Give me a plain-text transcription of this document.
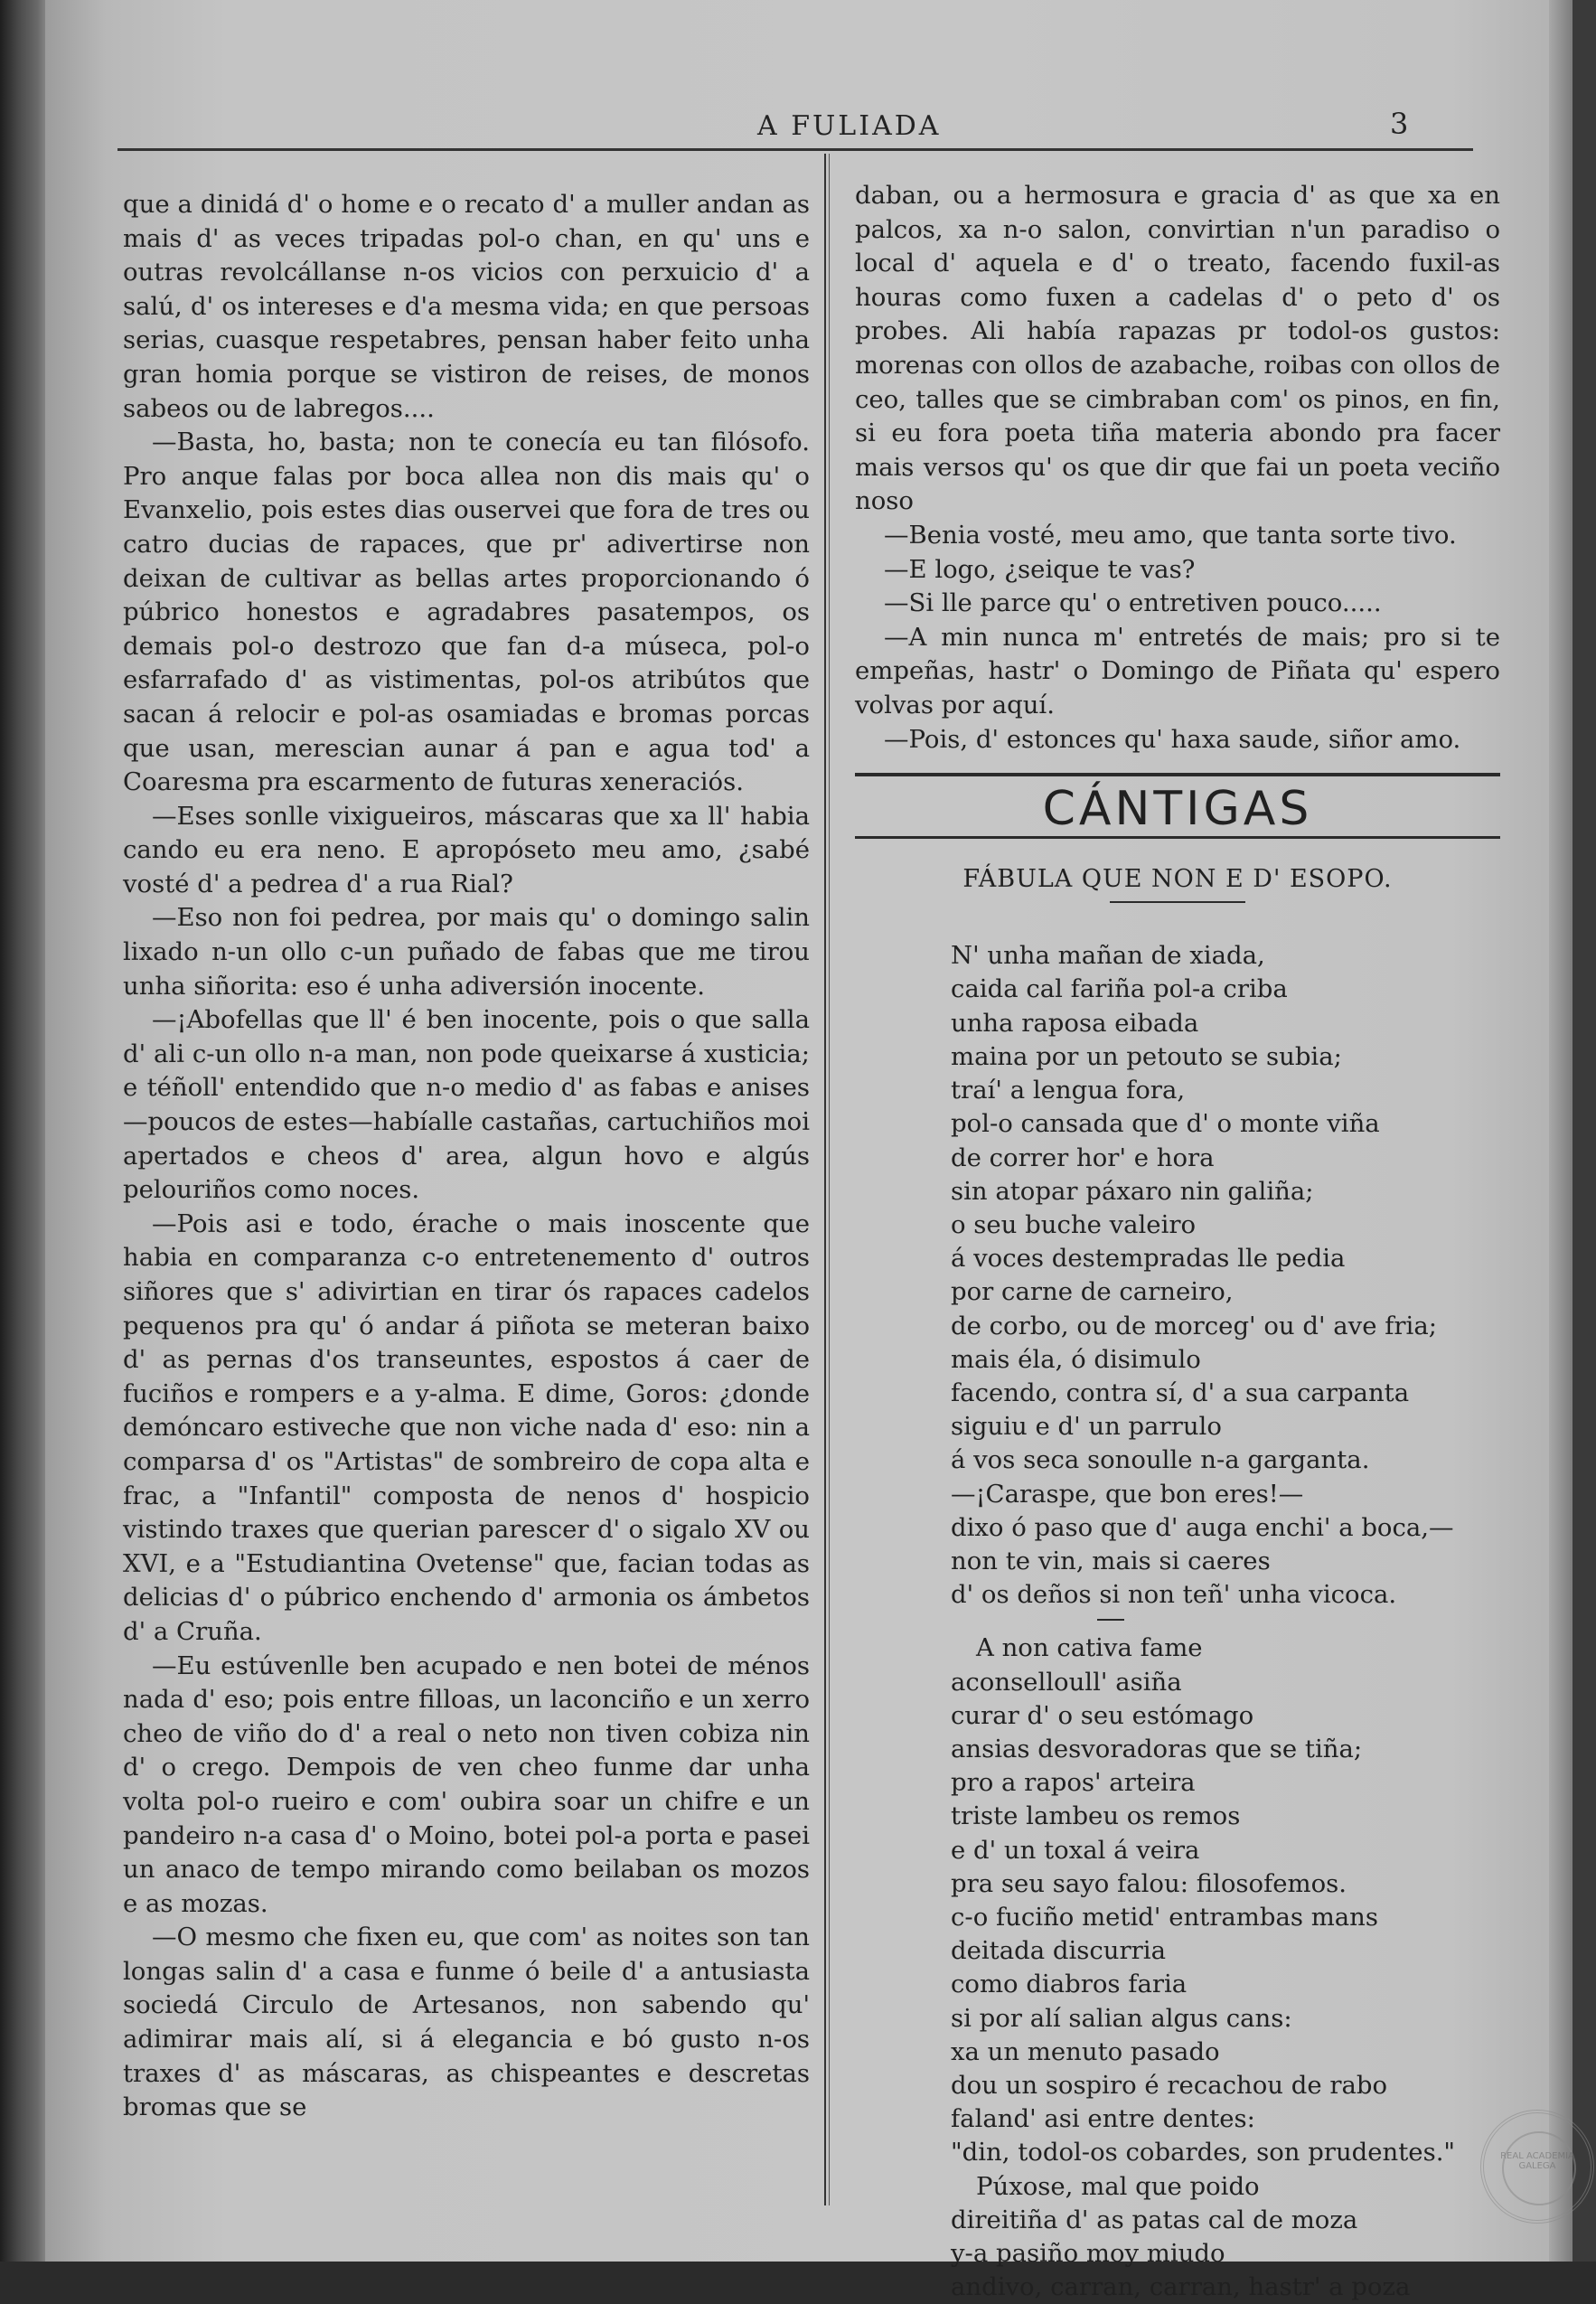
A FULIADA	3

que a dinidá d' o home e o recato d' a muller andan as mais d' as veces tripadas pol-o chan, en qu' uns e outras revolcállanse n-os vicios con perxuicio d' a salú, d' os intereses e d'a mesma vida; en que persoas serias, cuasque respetabres, pensan haber feito unha gran homia porque se vistiron de reises, de monos sabeos ou de labregos....

—Basta, ho, basta; non te conecía eu tan filósofo. Pro anque falas por boca allea non dis mais qu' o Evanxelio, pois estes dias ouservei que fora de tres ou catro ducias de rapaces, que pr' adivertirse non deixan de cultivar as bellas artes proporcionando ó púbrico honestos e agradabres pasatempos, os demais pol-o destrozo que fan d-a múseca, pol-o esfarrafado d' as vistimentas, pol-os atribútos que sacan á relocir e pol-as osamiadas e bromas porcas que usan, merescian aunar á pan e agua tod' a Coaresma pra escarmento de futuras xeneraciós.

—Eses sonlle vixigueiros, máscaras que xa ll' habia cando eu era neno. E apropóseto meu amo, ¿sabé vosté d' a pedrea d' a rua Rial?

—Eso non foi pedrea, por mais qu' o domingo salin lixado n-un ollo c-un puñado de fabas que me tirou unha siñorita: eso é unha adiversión inocente.

—¡Abofellas que ll' é ben inocente, pois o que salla d' ali c-un ollo n-a man, non pode queixarse á xusticia; e téñoll' entendido que n-o medio d' as fabas e anises—poucos de estes—habíalle castañas, cartuchiños moi apertados e cheos d' area, algun hovo e algús pelouriños como noces.

—Pois asi e todo, érache o mais inoscente que habia en comparanza c-o entretenemento d' outros siñores que s' adivirtian en tirar ós rapaces cadelos pequenos pra qu' ó andar á piñota se meteran baixo d' as pernas d'os transeuntes, espostos á caer de fuciños e rompers e a y-alma. E dime, Goros: ¿donde demóncaro estiveche que non viche nada d' eso: nin a comparsa d' os "Artistas" de sombreiro de copa alta e frac, a "Infantil" composta de nenos d' hospicio vistindo traxes que querian parescer d' o sigalo XV ou XVI, e a "Estudiantina Ovetense" que, facian todas as delicias d' o púbrico enchendo d' armonia os ámbetos d' a Cruña.

—Eu estúvenlle ben acupado e nen botei de ménos nada d' eso; pois entre filloas, un laconciño e un xerro cheo de viño do d' a real o neto non tiven cobiza nin d' o crego. Dempois de ven cheo funme dar unha volta pol-o rueiro e com' oubira soar un chifre e un pandeiro n-a casa d' o Moino, botei pol-a porta e pasei un anaco de tempo mirando como beilaban os mozos e as mozas.

—O mesmo che fixen eu, que com' as noites son tan longas salin d' a casa e funme ó beile d' a antusiasta sociedá Circulo de Artesanos, non sabendo qu' adimirar mais alí, si á elegancia e bó gusto n-os traxes d' as máscaras, as chispeantes e descretas bromas que se

daban, ou a hermosura e gracia d' as que xa en palcos, xa n-o salon, convirtian n'un paradiso o local d' aquela e d' o treato, facendo fuxil-as houras como fuxen a cadelas d' o peto d' os probes. Ali había rapazas pr todol-os gustos: morenas con ollos de azabache, roibas con ollos de ceo, talles que se cimbraban com' os pinos, en fin, si eu fora poeta tiña materia abondo pra facer mais versos qu' os que dir que fai un poeta veciño noso

—Benia vosté, meu amo, que tanta sorte tivo.

—E logo, ¿seique te vas?

—Si lle parce qu' o entretiven pouco.....

—A min nunca m' entretés de mais; pro si te empeñas, hastr' o Domingo de Piñata qu' espero volvas por aquí.

—Pois, d' estonces qu' haxa saude, siñor amo.

CÁNTIGAS
FÁBULA QUE NON E D' ESOPO.
N' unha mañan de xiada,
caida cal fariña pol-a criba
unha raposa eibada
maina por un petouto se subia;
traí' a lengua fora,
pol-o cansada que d' o monte viña
de correr hor' e hora
sin atopar páxaro nin galiña;
o seu buche valeiro
á voces destempradas lle pedia
por carne de carneiro,
de corbo, ou de morceg' ou d' ave fria;
mais éla, ó disimulo
facendo, contra sí, d' a sua carpanta
siguiu e d' un parrulo
á vos seca sonoulle n-a garganta.
—¡Caraspe, que bon eres!—
dixo ó paso que d' auga enchi' a boca,—
non te vin, mais si caeres
d' os deños si non teñ' unha vicoca.
A non cativa fame
aconselloull' asiña
curar d' o seu estómago
ansias desvoradoras que se tiña;
pro a rapos' arteira
triste lambeu os remos
e d' un toxal á veira
pra seu sayo falou: filosofemos.
c-o fuciño metid' entrambas mans
deitada discurria
como diabros faria
si por alí salian algus cans:
xa un menuto pasado
dou un sospiro é recachou de rabo
faland' asi entre dentes:
"din, todol-os cobardes, son prudentes."
Púxose, mal que poido
direitiña d' as patas cal de moza
y-a pasiño moy miudo
andivo, carran, carran, hastr' a poza
REAL ACADEMIA GALEGA
